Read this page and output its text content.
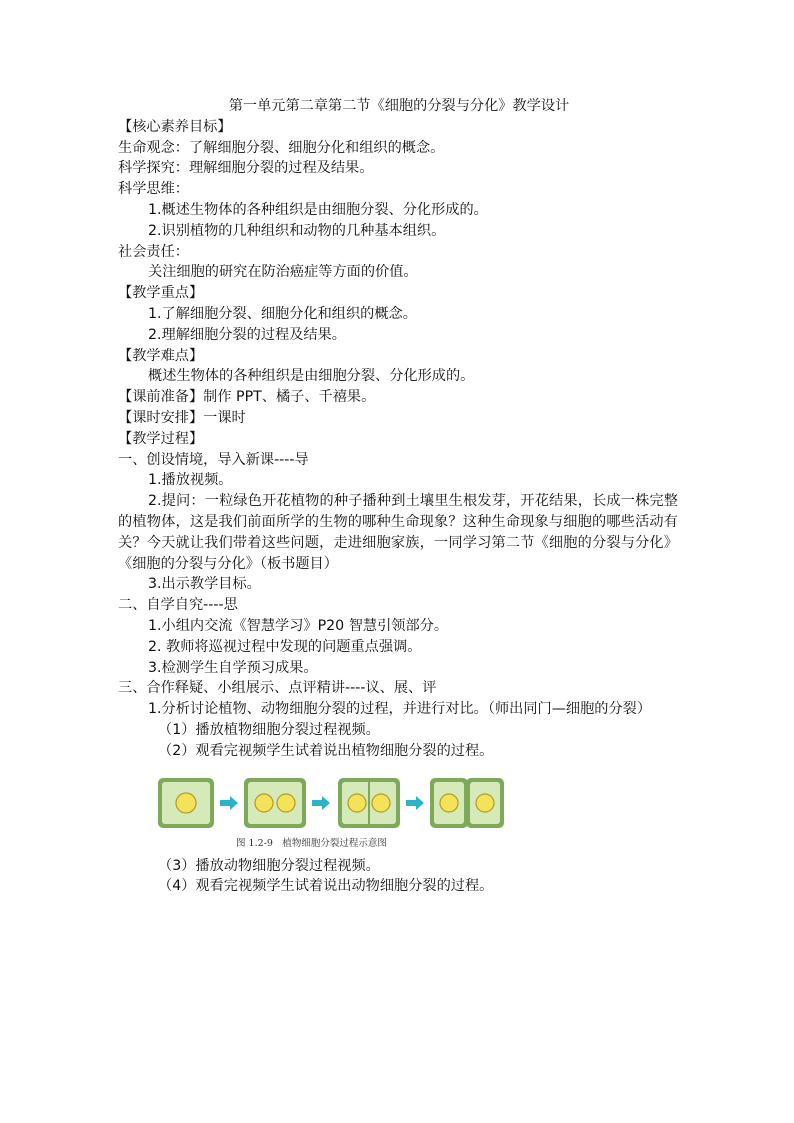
第一单元第二章第二节《细胞的分裂与分化》教学设计
【核心素养目标】
生命观念：了解细胞分裂、细胞分化和组织的概念。
科学探究：理解细胞分裂的过程及结果。
科学思维：
1.概述生物体的各种组织是由细胞分裂、分化形成的。
2.识别植物的几种组织和动物的几种基本组织。
社会责任：
关注细胞的研究在防治癌症等方面的价值。
【教学重点】
1.了解细胞分裂、细胞分化和组织的概念。
2.理解细胞分裂的过程及结果。
【教学难点】
概述生物体的各种组织是由细胞分裂、分化形成的。
【课前准备】制作 PPT、橘子、千禧果。
【课时安排】一课时
【教学过程】
一、创设情境，导入新课----导
1.播放视频。
2.提问：一粒绿色开花植物的种子播种到土壤里生根发芽，开花结果，长成一株完整的植物体，这是我们前面所学的生物的哪种生命现象？这种生命现象与细胞的哪些活动有关？今天就让我们带着这些问题，走进细胞家族，一同学习第二节《细胞的分裂与分化》《细胞的分裂与分化》（板书题目）
3.出示教学目标。
二、自学自究----思
1.小组内交流《智慧学习》P20 智慧引领部分。
2. 教师将巡视过程中发现的问题重点强调。
3.检测学生自学预习成果。
三、合作释疑、小组展示、点评精讲----议、展、评
1.分析讨论植物、动物细胞分裂的过程，并进行对比。（师出同门—细胞的分裂）
（1）播放植物细胞分裂过程视频。
（2）观看完视频学生试着说出植物细胞分裂的过程。
图 1.2-9　植物细胞分裂过程示意图
（3）播放动物细胞分裂过程视频。
（4）观看完视频学生试着说出动物细胞分裂的过程。
